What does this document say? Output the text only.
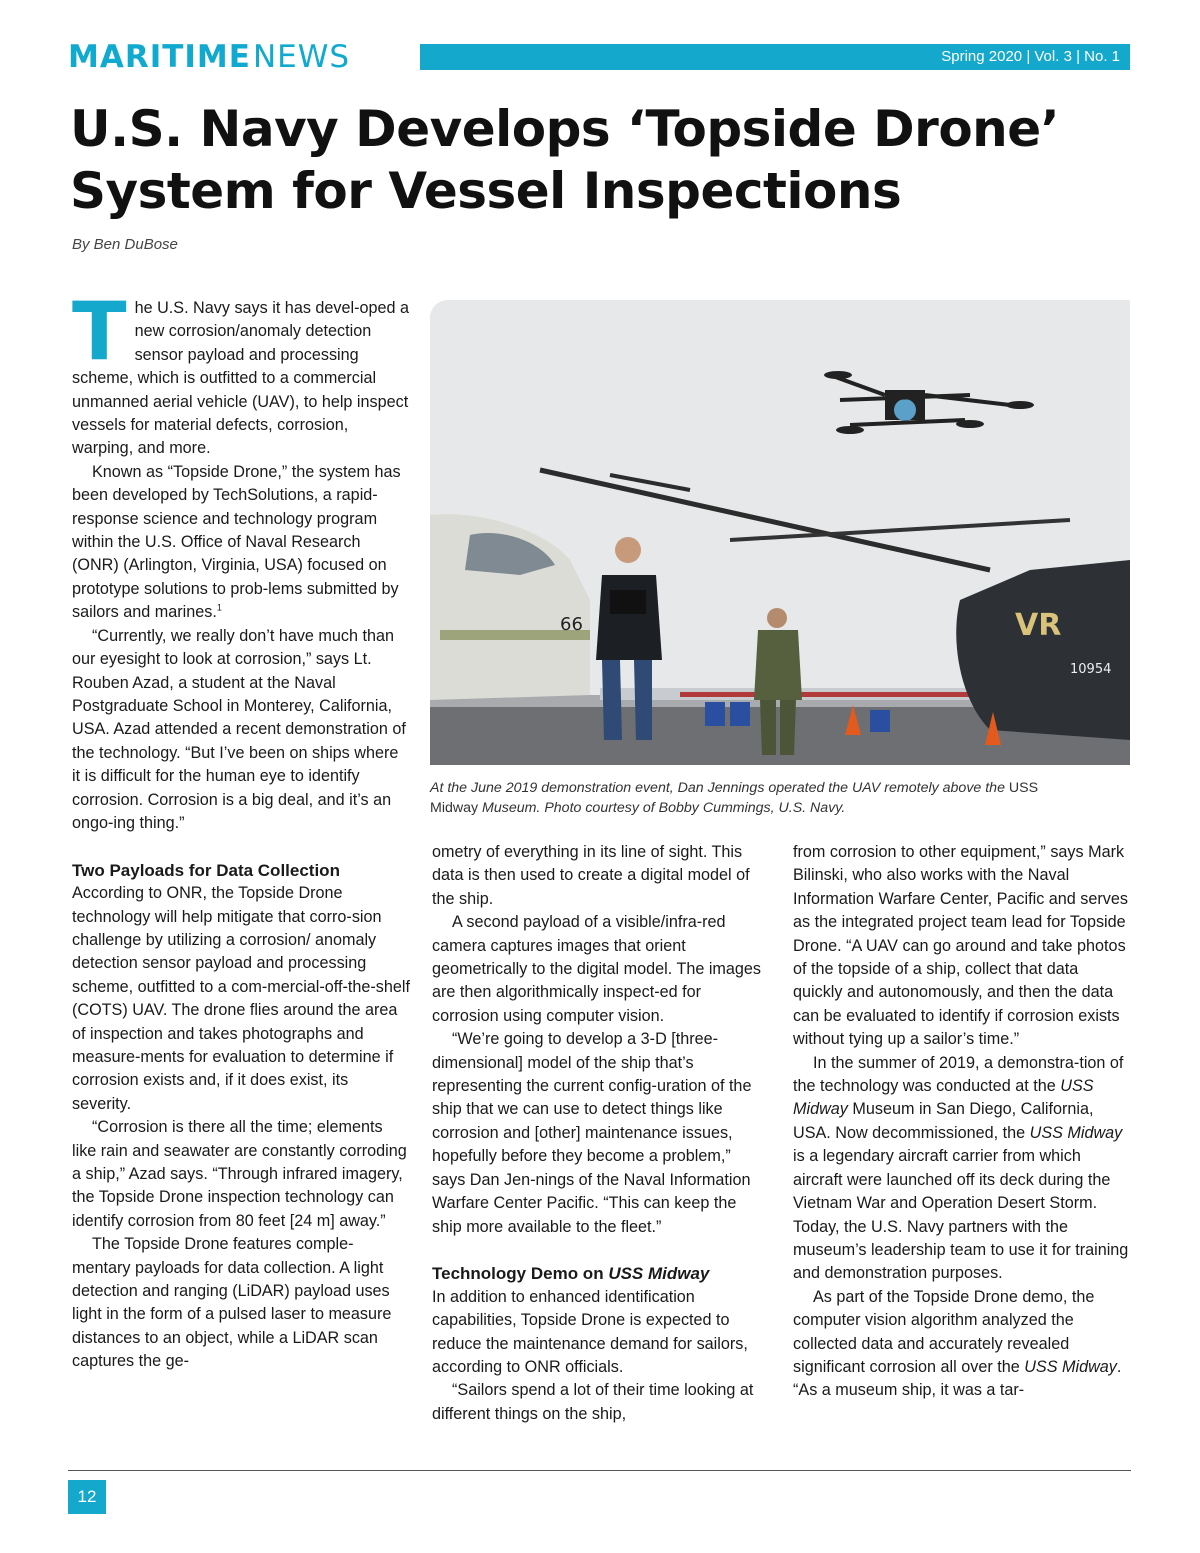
Spring 2020 | Vol. 3 | No. 1
MARITIME NEWS
U.S. Navy Develops ‘Topside Drone’
System for Vessel Inspections
By Ben DuBose
T he U.S. Navy says it has devel-oped a new corrosion/anomaly detection sensor payload and processing scheme, which is outfitted to a commercial unmanned aerial vehicle (UAV), to help inspect vessels for material defects, corrosion, warping, and more.

Known as “Topside Drone,” the system has been developed by TechSolutions, a rapid-response science and technology program within the U.S. Office of Naval Research (ONR) (Arlington, Virginia, USA) focused on prototype solutions to prob-lems submitted by sailors and marines.$^1$

“Currently, we really don’t have much than our eyesight to look at corrosion,” says Lt. Rouben Azad, a student at the Naval Postgraduate School in Monterey, California, USA. Azad attended a recent demonstration of the technology. “But I’ve been on ships where it is difficult for the human eye to identify corrosion. Corrosion is a big deal, and it’s an ongo-ing thing.”

Two Payloads for Data Collection

According to ONR, the Topside Drone technology will help mitigate that corro-sion challenge by utilizing a corrosion/ anomaly detection sensor payload and processing scheme, outfitted to a com-mercial-off-the-shelf (COTS) UAV. The drone flies around the area of inspection and takes photographs and measure-ments for evaluation to determine if corrosion exists and, if it does exist, its severity.

“Corrosion is there all the time; elements like rain and seawater are constantly corroding a ship,” Azad says. “Through infrared imagery, the Topside Drone inspection technology can identify corrosion from 80 feet [24 m] away.”

The Topside Drone features comple-mentary payloads for data collection. A light detection and ranging (LiDAR) payload uses light in the form of a pulsed laser to measure distances to an object, while a LiDAR scan captures the ge-

66	VR
10954
At the June 2019 demonstration event, Dan Jennings operated the UAV remotely above the USS
Midway Museum. Photo courtesy of Bobby Cummings, U.S. Navy.

ometry of everything in its line of sight. This data is then used to create a digital model of the ship.

A second payload of a visible/infra-red camera captures images that orient geometrically to the digital model. The images are then algorithmically inspect-ed for corrosion using computer vision.

“We’re going to develop a 3-D [three-dimensional] model of the ship that’s representing the current config-uration of the ship that we can use to detect things like corrosion and [other] maintenance issues, hopefully before they become a problem,” says Dan Jen-nings of the Naval Information Warfare Center Pacific. “This can keep the ship more available to the fleet.”

Technology Demo on USS Midway

In addition to enhanced identification capabilities, Topside Drone is expected to reduce the maintenance demand for sailors, according to ONR officials.

“Sailors spend a lot of their time looking at different things on the ship,

from corrosion to other equipment,” says Mark Bilinski, who also works with the Naval Information Warfare Center, Pacific and serves as the integrated project team lead for Topside Drone. “A UAV can go around and take photos of the topside of a ship, collect that data quickly and autonomously, and then the data can be evaluated to identify if corrosion exists without tying up a sailor’s time.”

In the summer of 2019, a demonstra-tion of the technology was conducted at the USS Midway Museum in San Diego, California, USA. Now decommissioned, the USS Midway is a legendary aircraft carrier from which aircraft were launched off its deck during the Vietnam War and Operation Desert Storm. Today, the U.S. Navy partners with the museum’s leadership team to use it for training and demonstration purposes.

As part of the Topside Drone demo, the computer vision algorithm analyzed the collected data and accurately revealed significant corrosion all over the USS Midway. “As a museum ship, it was a tar-

12
